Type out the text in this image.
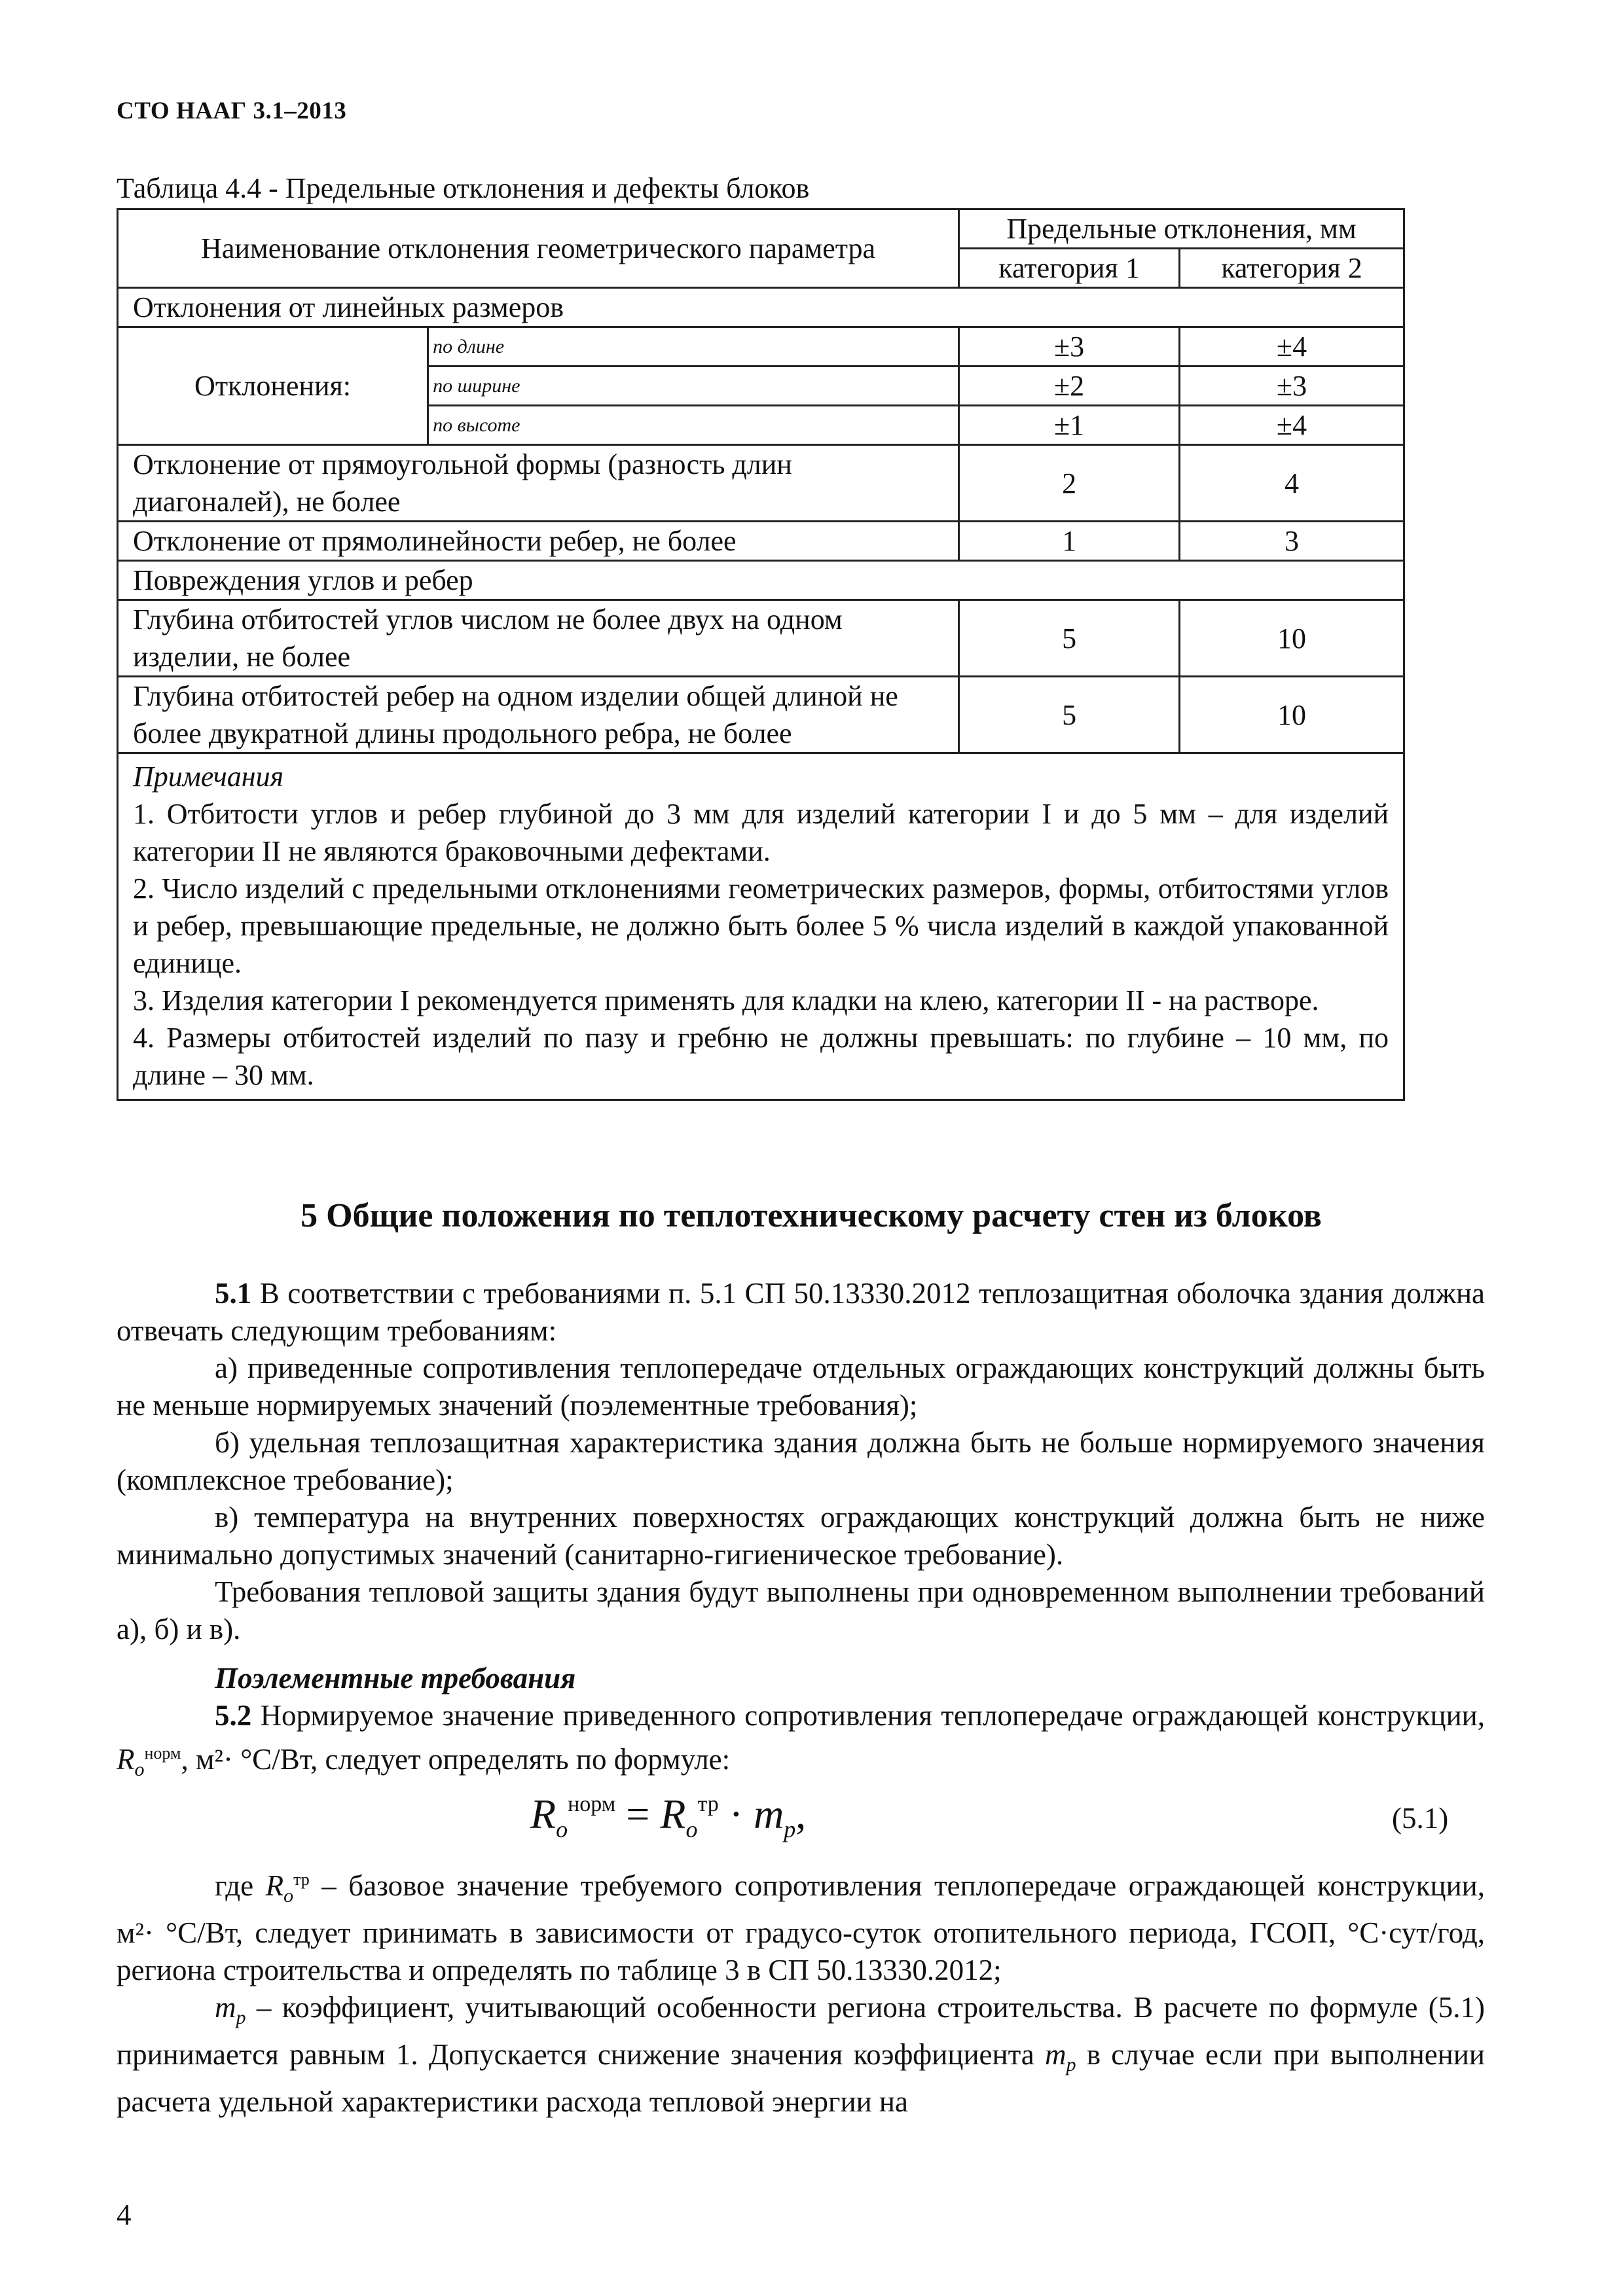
СТО НААГ 3.1–2013
Таблица 4.4 - Предельные отклонения и дефекты блоков
Наименование отклонения геометрического параметра		Предельные отклонения, мм	
		категория 1	категория 2
Отклонения от линейных размеров			
Отклонения:	по длине	±3	±4
	по ширине	±2	±3
	по высоте	±1	±4
Отклонение от прямоугольной формы (разность длин диагоналей), не более		2	4
Отклонение от прямолинейности ребер, не более		1	3
Повреждения углов и ребер			
Глубина отбитостей углов числом не более двух на одном изделии, не более		5	10
Глубина отбитостей ребер на одном изделии общей длиной не более двукратной длины продольного ребра, не более		5	10

Примечания

1. Отбитости углов и ребер глубиной до 3 мм для изделий категории I и до 5 мм – для изделий категории II не являются браковочными дефектами.

2. Число изделий с предельными отклонениями геометрических размеров, формы, отбитостями углов и ребер, превышающие предельные, не должно быть более 5 % числа изделий в каждой упакованной единице.

3. Изделия категории I рекомендуется применять для кладки на клею, категории II - на растворе.

4. Размеры отбитостей изделий по пазу и гребню не должны превышать: по глубине – 10 мм, по длине – 30 мм.			

5 Общие положения по теплотехническому расчету стен из блоков

5.1 В соответствии с требованиями п. 5.1 СП 50.13330.2012 теплозащитная оболочка здания должна отвечать следующим требованиям:

а) приведенные сопротивления теплопередаче отдельных ограждающих конструкций должны быть не меньше нормируемых значений (поэлементные требования);

б) удельная теплозащитная характеристика здания должна быть не больше нормируемого значения (комплексное требование);

в) температура на внутренних поверхностях ограждающих конструкций должна быть не ниже минимально допустимых значений (санитарно-гигиеническое требование).

Требования тепловой защиты здания будут выполнены при одновременном выполнении требований а), б) и в).

Поэлементные требования

5.2 Нормируемое значение приведенного сопротивления теплопередаче ограждающей конструкции, $R_o^{норм}$, м²· °С/Вт, следует определять по формуле:

$R_o^{норм} = R_o^{тр} \cdot m_p$,	(5.1)

где $R_o^{тр}$ – базовое значение требуемого сопротивления теплопередаче ограждающей конструкции, м²· °С/Вт, следует принимать в зависимости от градусо-суток отопительного периода, ГСОП, °С·сут/год, региона строительства и определять по таблице 3 в СП 50.13330.2012;

$m_p$ – коэффициент, учитывающий особенности региона строительства. В расчете по формуле (5.1) принимается равным 1. Допускается снижение значения коэффициента $m_p$ в случае если при выполнении расчета удельной характеристики расхода тепловой энергии на

4
